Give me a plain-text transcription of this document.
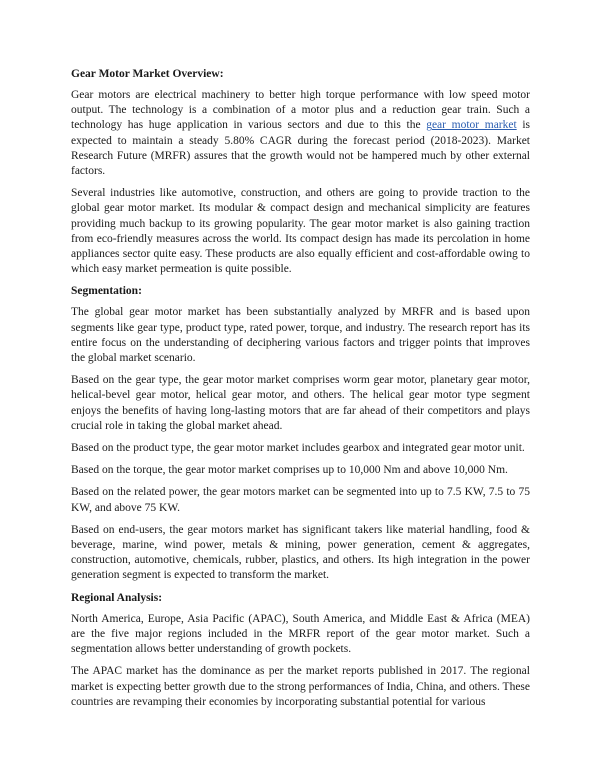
Gear Motor Market Overview:

Gear motors are electrical machinery to better high torque performance with low speed motor output. The technology is a combination of a motor plus and a reduction gear train. Such a technology has huge application in various sectors and due to this the gear motor market is expected to maintain a steady 5.80% CAGR during the forecast period (2018-2023). Market Research Future (MRFR) assures that the growth would not be hampered much by other external factors.

Several industries like automotive, construction, and others are going to provide traction to the global gear motor market. Its modular & compact design and mechanical simplicity are features providing much backup to its growing popularity. The gear motor market is also gaining traction from eco-friendly measures across the world. Its compact design has made its percolation in home appliances sector quite easy. These products are also equally efficient and cost-affordable owing to which easy market permeation is quite possible.

Segmentation:

The global gear motor market has been substantially analyzed by MRFR and is based upon segments like gear type, product type, rated power, torque, and industry. The research report has its entire focus on the understanding of deciphering various factors and trigger points that improves the global market scenario.

Based on the gear type, the gear motor market comprises worm gear motor, planetary gear motor, helical-bevel gear motor, helical gear motor, and others. The helical gear motor type segment enjoys the benefits of having long-lasting motors that are far ahead of their competitors and plays crucial role in taking the global market ahead.

Based on the product type, the gear motor market includes gearbox and integrated gear motor unit.

Based on the torque, the gear motor market comprises up to 10,000 Nm and above 10,000 Nm.

Based on the related power, the gear motors market can be segmented into up to 7.5 KW, 7.5 to 75 KW, and above 75 KW.

Based on end-users, the gear motors market has significant takers like material handling, food & beverage, marine, wind power, metals & mining, power generation, cement & aggregates, construction, automotive, chemicals, rubber, plastics, and others. Its high integration in the power generation segment is expected to transform the market.

Regional Analysis:

North America, Europe, Asia Pacific (APAC), South America, and Middle East & Africa (MEA) are the five major regions included in the MRFR report of the gear motor market. Such a segmentation allows better understanding of growth pockets.

The APAC market has the dominance as per the market reports published in 2017. The regional market is expecting better growth due to the strong performances of India, China, and others. These countries are revamping their economies by incorporating substantial potential for various
